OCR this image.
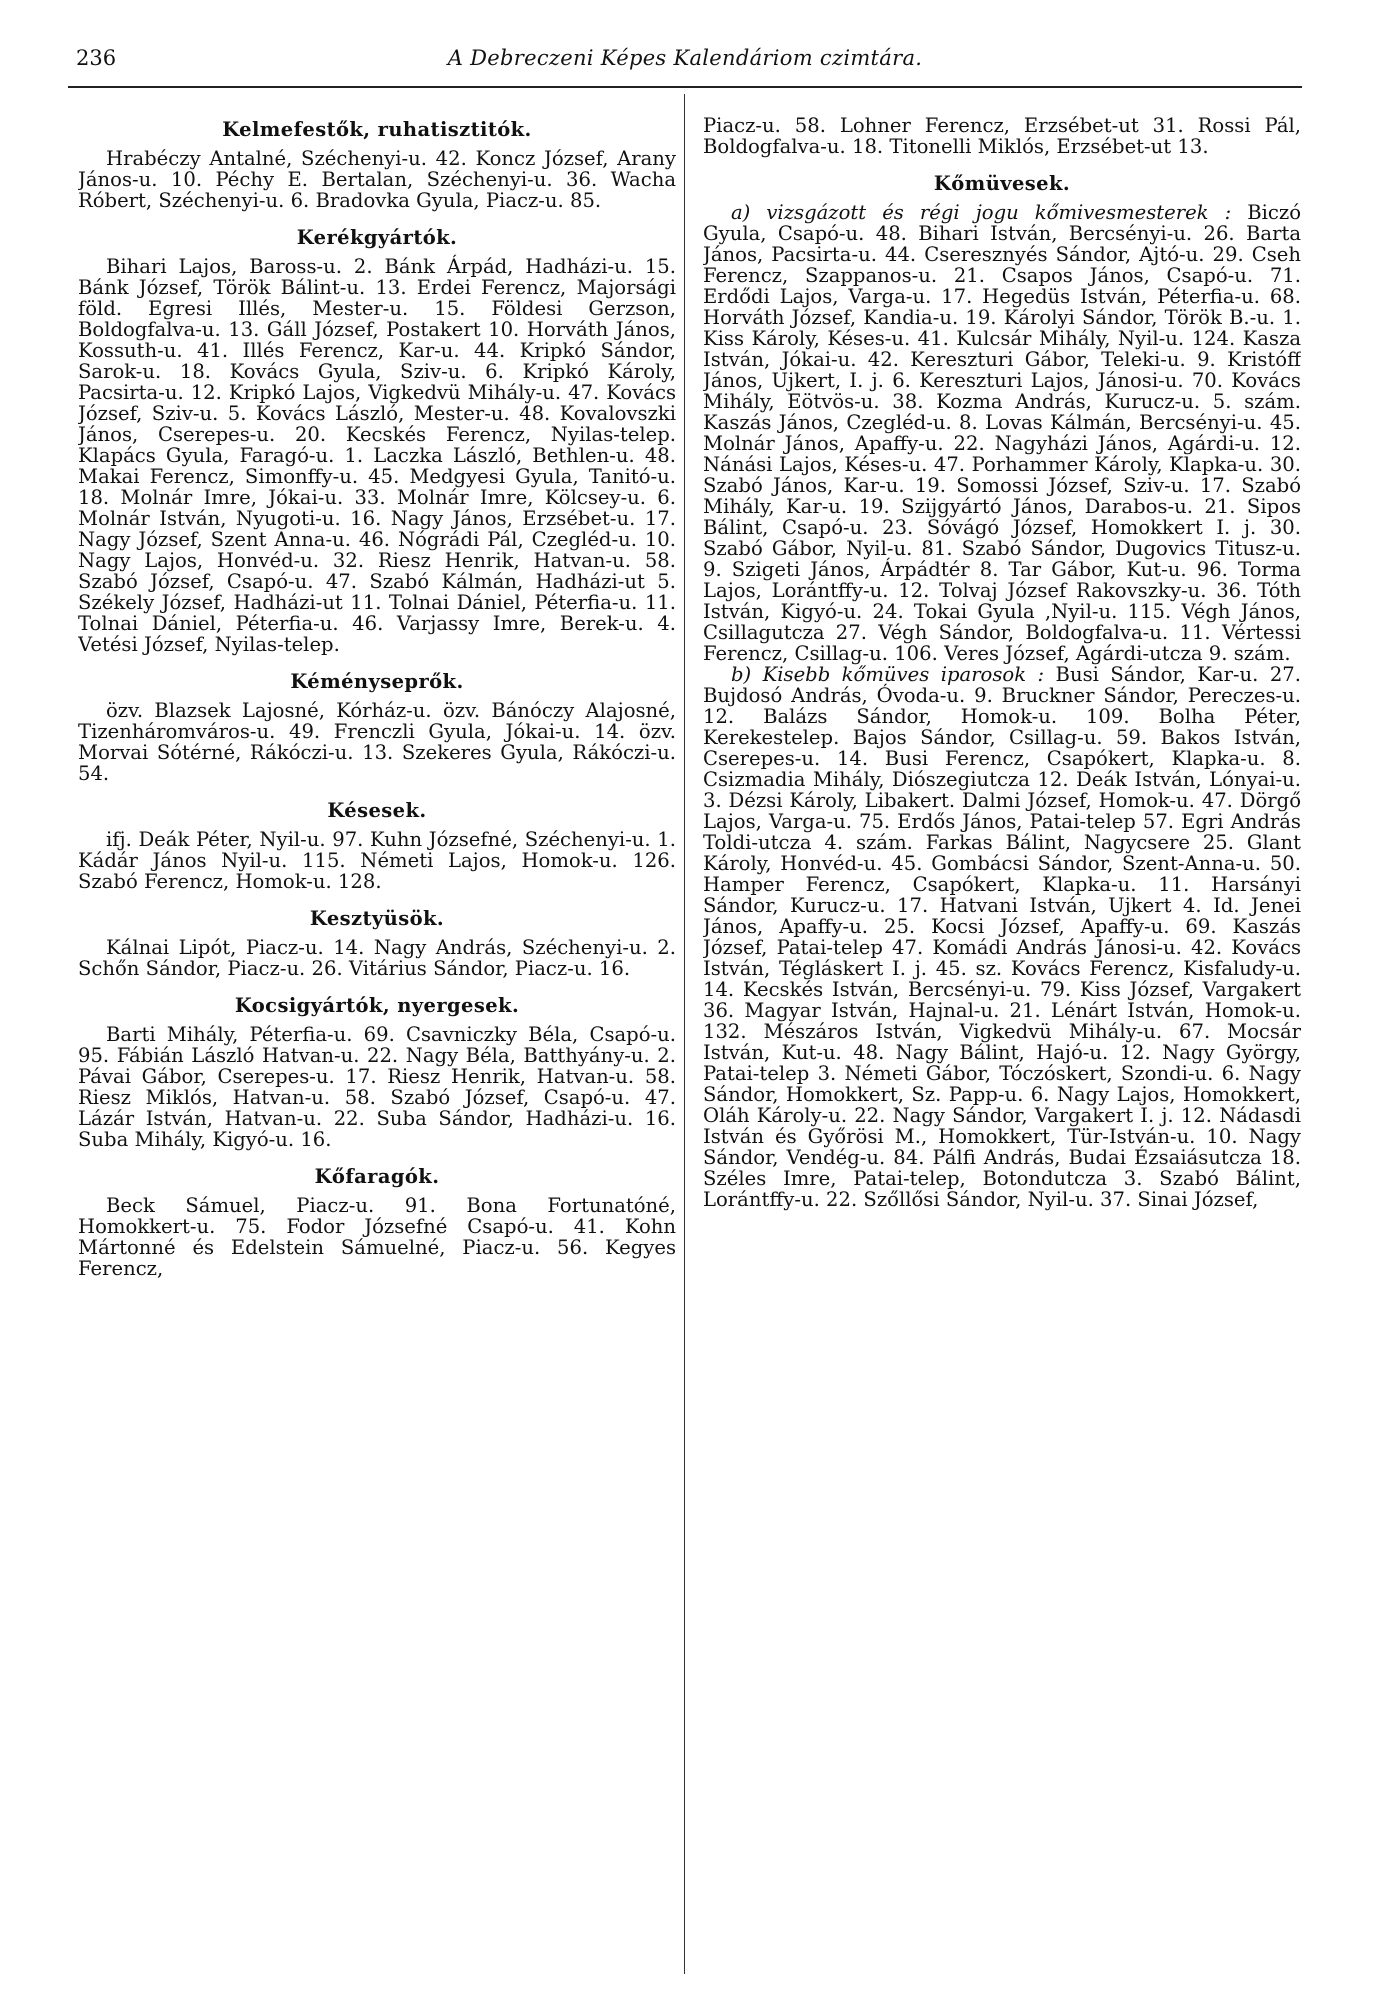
236	A Debreczeni Képes Kalendáriom czimtára.
Kelmefestők, ruhatisztitók.

Hrabéczy Antalné, Széchenyi-u. 42. Koncz József, Arany János-u. 10. Péchy E. Bertalan, Széchenyi-u. 36. Wacha Róbert, Széchenyi-u. 6. Bradovka Gyula, Piacz-u. 85.

Kerékgyártók.

Bihari Lajos, Baross-u. 2. Bánk Árpád, Hadházi-u. 15. Bánk József, Török Bálint-u. 13. Erdei Ferencz, Majorsági föld. Egresi Illés, Mester-u. 15. Földesi Gerzson, Boldogfalva-u. 13. Gáll József, Postakert 10. Horváth János, Kossuth-u. 41. Illés Ferencz, Kar-u. 44. Kripkó Sándor, Sarok-u. 18. Kovács Gyula, Sziv-u. 6. Kripkó Károly, Pacsirta-u. 12. Kripkó Lajos, Vigkedvü Mihály-u. 47. Kovács József, Sziv-u. 5. Kovács László, Mester-u. 48. Kovalovszki János, Cserepes-u. 20. Kecskés Ferencz, Nyilas-telep. Klapács Gyula, Faragó-u. 1. Laczka László, Bethlen-u. 48. Makai Ferencz, Simonffy-u. 45. Medgyesi Gyula, Tanitó-u. 18. Molnár Imre, Jókai-u. 33. Molnár Imre, Kölcsey-u. 6. Molnár István, Nyugoti-u. 16. Nagy János, Erzsébet-u. 17. Nagy József, Szent Anna-u. 46. Nógrádi Pál, Czegléd-u. 10. Nagy Lajos, Honvéd-u. 32. Riesz Henrik, Hatvan-u. 58. Szabó József, Csapó-u. 47. Szabó Kálmán, Hadházi-ut 5. Székely József, Hadházi-ut 11. Tolnai Dániel, Péterfia-u. 11. Tolnai Dániel, Péterfia-u. 46. Varjassy Imre, Berek-u. 4. Vetési József, Nyilas-telep.

Kéményseprők.

özv. Blazsek Lajosné, Kórház-u. özv. Bánóczy Alajosné, Tizenháromváros-u. 49. Frenczli Gyula, Jókai-u. 14. özv. Morvai Sótérné, Rákóczi-u. 13. Szekeres Gyula, Rákóczi-u. 54.

Késesek.

ifj. Deák Péter, Nyil-u. 97. Kuhn Józsefné, Széchenyi-u. 1. Kádár János Nyil-u. 115. Németi Lajos, Homok-u. 126. Szabó Ferencz, Homok-u. 128.

Kesztyüsök.

Kálnai Lipót, Piacz-u. 14. Nagy András, Széchenyi-u. 2. Schőn Sándor, Piacz-u. 26. Vitárius Sándor, Piacz-u. 16.

Kocsigyártók, nyergesek.

Barti Mihály, Péterfia-u. 69. Csavniczky Béla, Csapó-u. 95. Fábián László Hatvan-u. 22. Nagy Béla, Batthyány-u. 2. Pávai Gábor, Cserepes-u. 17. Riesz Henrik, Hatvan-u. 58. Riesz Miklós, Hatvan-u. 58. Szabó József, Csapó-u. 47. Lázár István, Hatvan-u. 22. Suba Sándor, Hadházi-u. 16. Suba Mihály, Kigyó-u. 16.

Kőfaragók.

Beck Sámuel, Piacz-u. 91. Bona Fortunatóné, Homokkert-u. 75. Fodor Józsefné Csapó-u. 41. Kohn Mártonné és Edelstein Sámuelné, Piacz-u. 56. Kegyes Ferencz,

Piacz-u. 58. Lohner Ferencz, Erzsébet-ut 31. Rossi Pál, Boldogfalva-u. 18. Titonelli Miklós, Erzsébet-ut 13.

Kőmüvesek.

a) vizsgázott és régi jogu kőmivesmesterek : Biczó Gyula, Csapó-u. 48. Bihari István, Bercsényi-u. 26. Barta János, Pacsirta-u. 44. Cseresznyés Sándor, Ajtó-u. 29. Cseh Ferencz, Szappanos-u. 21. Csapos János, Csapó-u. 71. Erdődi Lajos, Varga-u. 17. Hegedüs István, Péterfia-u. 68. Horváth József, Kandia-u. 19. Károlyi Sándor, Török B.-u. 1. Kiss Károly, Késes-u. 41. Kulcsár Mihály, Nyil-u. 124. Kasza István, Jókai-u. 42. Kereszturi Gábor, Teleki-u. 9. Kristóff János, Ujkert, I. j. 6. Kereszturi Lajos, Jánosi-u. 70. Kovács Mihály, Eötvös-u. 38. Kozma András, Kurucz-u. 5. szám. Kaszás János, Czegléd-u. 8. Lovas Kálmán, Bercsényi-u. 45. Molnár János, Apaffy-u. 22. Nagyházi János, Agárdi-u. 12. Nánási Lajos, Késes-u. 47. Porhammer Károly, Klapka-u. 30. Szabó János, Kar-u. 19. Somossi József, Sziv-u. 17. Szabó Mihály, Kar-u. 19. Szijgyártó János, Darabos-u. 21. Sipos Bálint, Csapó-u. 23. Sóvágó József, Homokkert I. j. 30. Szabó Gábor, Nyil-u. 81. Szabó Sándor, Dugovics Titusz-u. 9. Szigeti János, Árpádtér 8. Tar Gábor, Kut-u. 96. Torma Lajos, Lorántffy-u. 12. Tolvaj József Rakovszky-u. 36. Tóth István, Kigyó-u. 24. Tokai Gyula ,Nyil-u. 115. Végh János, Csillagutcza 27. Végh Sándor, Boldogfalva-u. 11. Vértessi Ferencz, Csillag-u. 106. Veres József, Agárdi-utcza 9. szám.

b) Kisebb kőmüves iparosok : Busi Sándor, Kar-u. 27. Bujdosó András, Óvoda-u. 9. Bruckner Sándor, Pereczes-u. 12. Balázs Sándor, Homok-u. 109. Bolha Péter, Kerekestelep. Bajos Sándor, Csillag-u. 59. Bakos István, Cserepes-u. 14. Busi Ferencz, Csapókert, Klapka-u. 8. Csizmadia Mihály, Diószegiutcza 12. Deák István, Lónyai-u. 3. Dézsi Károly, Libakert. Dalmi József, Homok-u. 47. Dörgő Lajos, Varga-u. 75. Erdős János, Patai-telep 57. Egri András Toldi-utcza 4. szám. Farkas Bálint, Nagycsere 25. Glant Károly, Honvéd-u. 45. Gombácsi Sándor, Szent-Anna-u. 50. Hamper Ferencz, Csapókert, Klapka-u. 11. Harsányi Sándor, Kurucz-u. 17. Hatvani István, Ujkert 4. Id. Jenei János, Apaffy-u. 25. Kocsi József, Apaffy-u. 69. Kaszás József, Patai-telep 47. Komádi András Jánosi-u. 42. Kovács István, Tégláskert I. j. 45. sz. Kovács Ferencz, Kisfaludy-u. 14. Kecskés István, Bercsényi-u. 79. Kiss József, Vargakert 36. Magyar István, Hajnal-u. 21. Lénárt István, Homok-u. 132. Mészáros István, Vigkedvü Mihály-u. 67. Mocsár István, Kut-u. 48. Nagy Bálint, Hajó-u. 12. Nagy György, Patai-telep 3. Németi Gábor, Tóczóskert, Szondi-u. 6. Nagy Sándor, Homokkert, Sz. Papp-u. 6. Nagy Lajos, Homokkert, Oláh Károly-u. 22. Nagy Sándor, Vargakert I. j. 12. Nádasdi István és Győrösi M., Homokkert, Tür-István-u. 10. Nagy Sándor, Vendég-u. 84. Pálfi András, Budai Ézsaiásutcza 18. Széles Imre, Patai-telep, Botondutcza 3. Szabó Bálint, Lorántffy-u. 22. Szőllősi Sándor, Nyil-u. 37. Sinai József,
